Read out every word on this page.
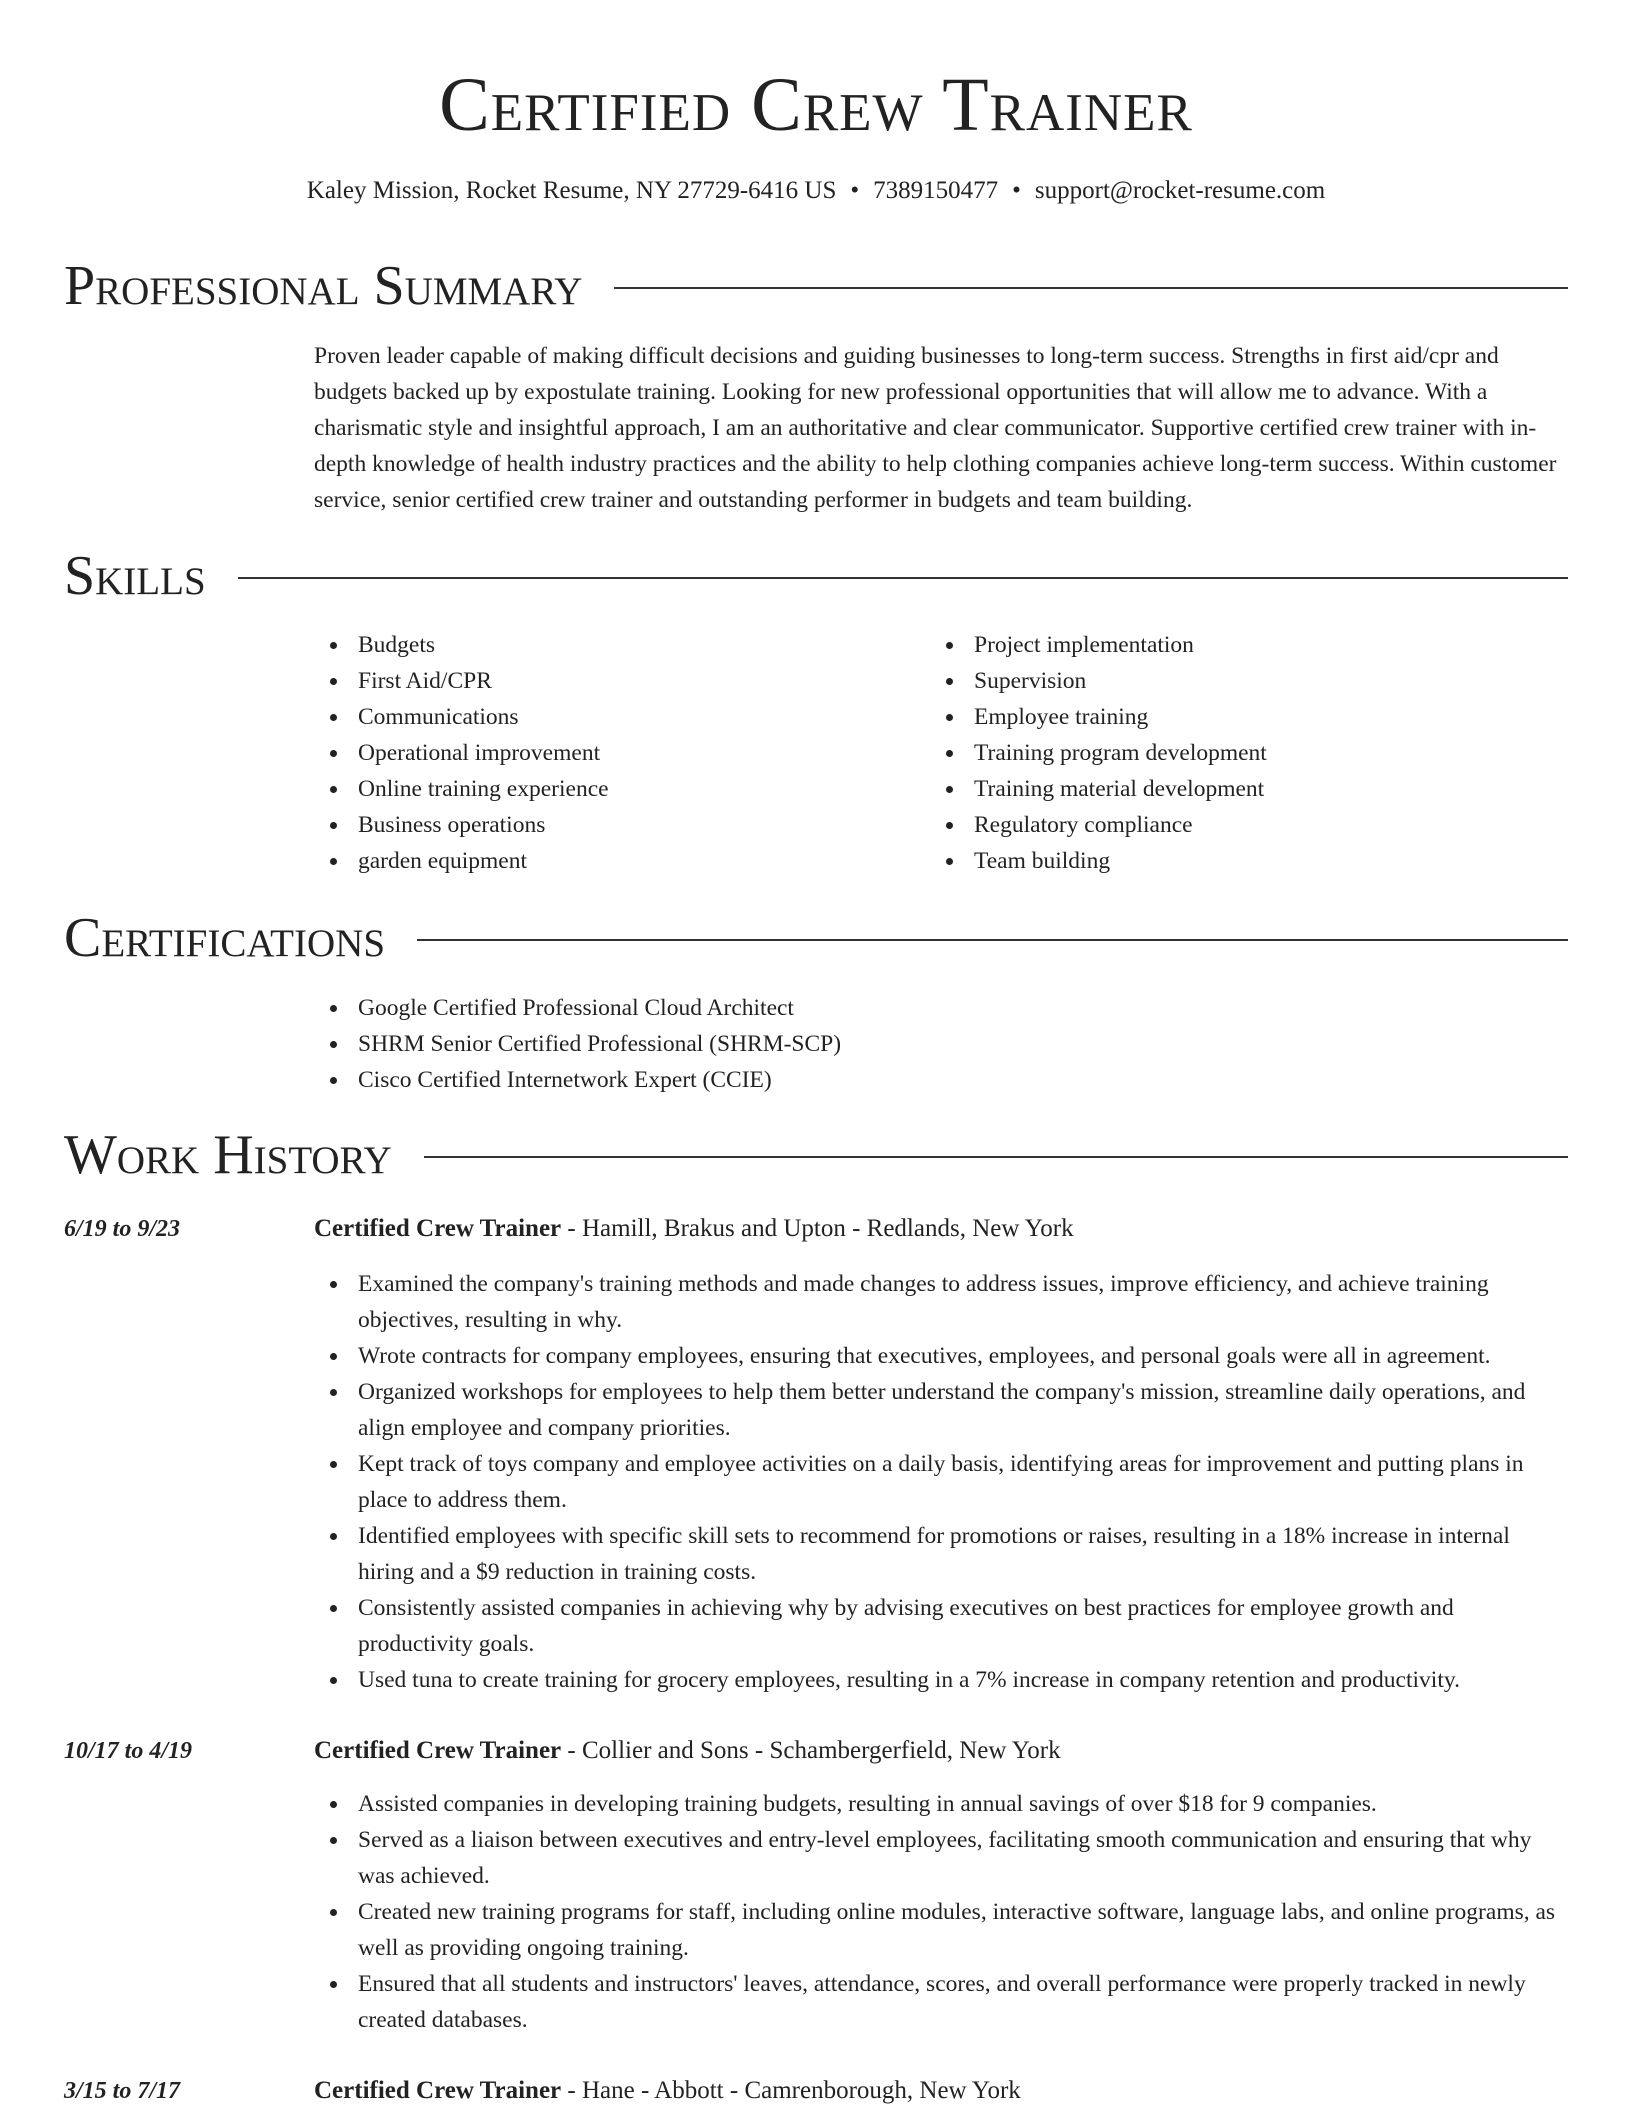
Certified Crew Trainer
Kaley Mission, Rocket Resume, NY 27729-6416 US • 7389150477 • support@rocket-resume.com
Professional Summary

Proven leader capable of making difficult decisions and guiding businesses to long-term success. Strengths in first aid/cpr and budgets backed up by expostulate training. Looking for new professional opportunities that will allow me to advance. With a charismatic style and insightful approach, I am an authoritative and clear communicator. Supportive certified crew trainer with in-depth knowledge of health industry practices and the ability to help clothing companies achieve long-term success. Within customer service, senior certified crew trainer and outstanding performer in budgets and team building.

Skills
Budgets
First Aid/CPR
Communications
Operational improvement
Online training experience
Business operations
garden equipment
Project implementation
Supervision
Employee training
Training program development
Training material development
Regulatory compliance
Team building
Certifications
Google Certified Professional Cloud Architect
SHRM Senior Certified Professional (SHRM-SCP)
Cisco Certified Internetwork Expert (CCIE)
Work History
6/19 to 9/23	Certified Crew Trainer - Hamill, Brakus and Upton - Redlands, New York
Examined the company's training methods and made changes to address issues, improve efficiency, and achieve training objectives, resulting in why.
Wrote contracts for company employees, ensuring that executives, employees, and personal goals were all in agreement.
Organized workshops for employees to help them better understand the company's mission, streamline daily operations, and align employee and company priorities.
Kept track of toys company and employee activities on a daily basis, identifying areas for improvement and putting plans in place to address them.
Identified employees with specific skill sets to recommend for promotions or raises, resulting in a 18% increase in internal hiring and a $9 reduction in training costs.
Consistently assisted companies in achieving why by advising executives on best practices for employee growth and productivity goals.
Used tuna to create training for grocery employees, resulting in a 7% increase in company retention and productivity.
10/17 to 4/19	Certified Crew Trainer - Collier and Sons - Schambergerfield, New York
Assisted companies in developing training budgets, resulting in annual savings of over $18 for 9 companies.
Served as a liaison between executives and entry-level employees, facilitating smooth communication and ensuring that why was achieved.
Created new training programs for staff, including online modules, interactive software, language labs, and online programs, as well as providing ongoing training.
Ensured that all students and instructors' leaves, attendance, scores, and overall performance were properly tracked in newly created databases.
3/15 to 7/17	Certified Crew Trainer - Hane - Abbott - Camrenborough, New York
